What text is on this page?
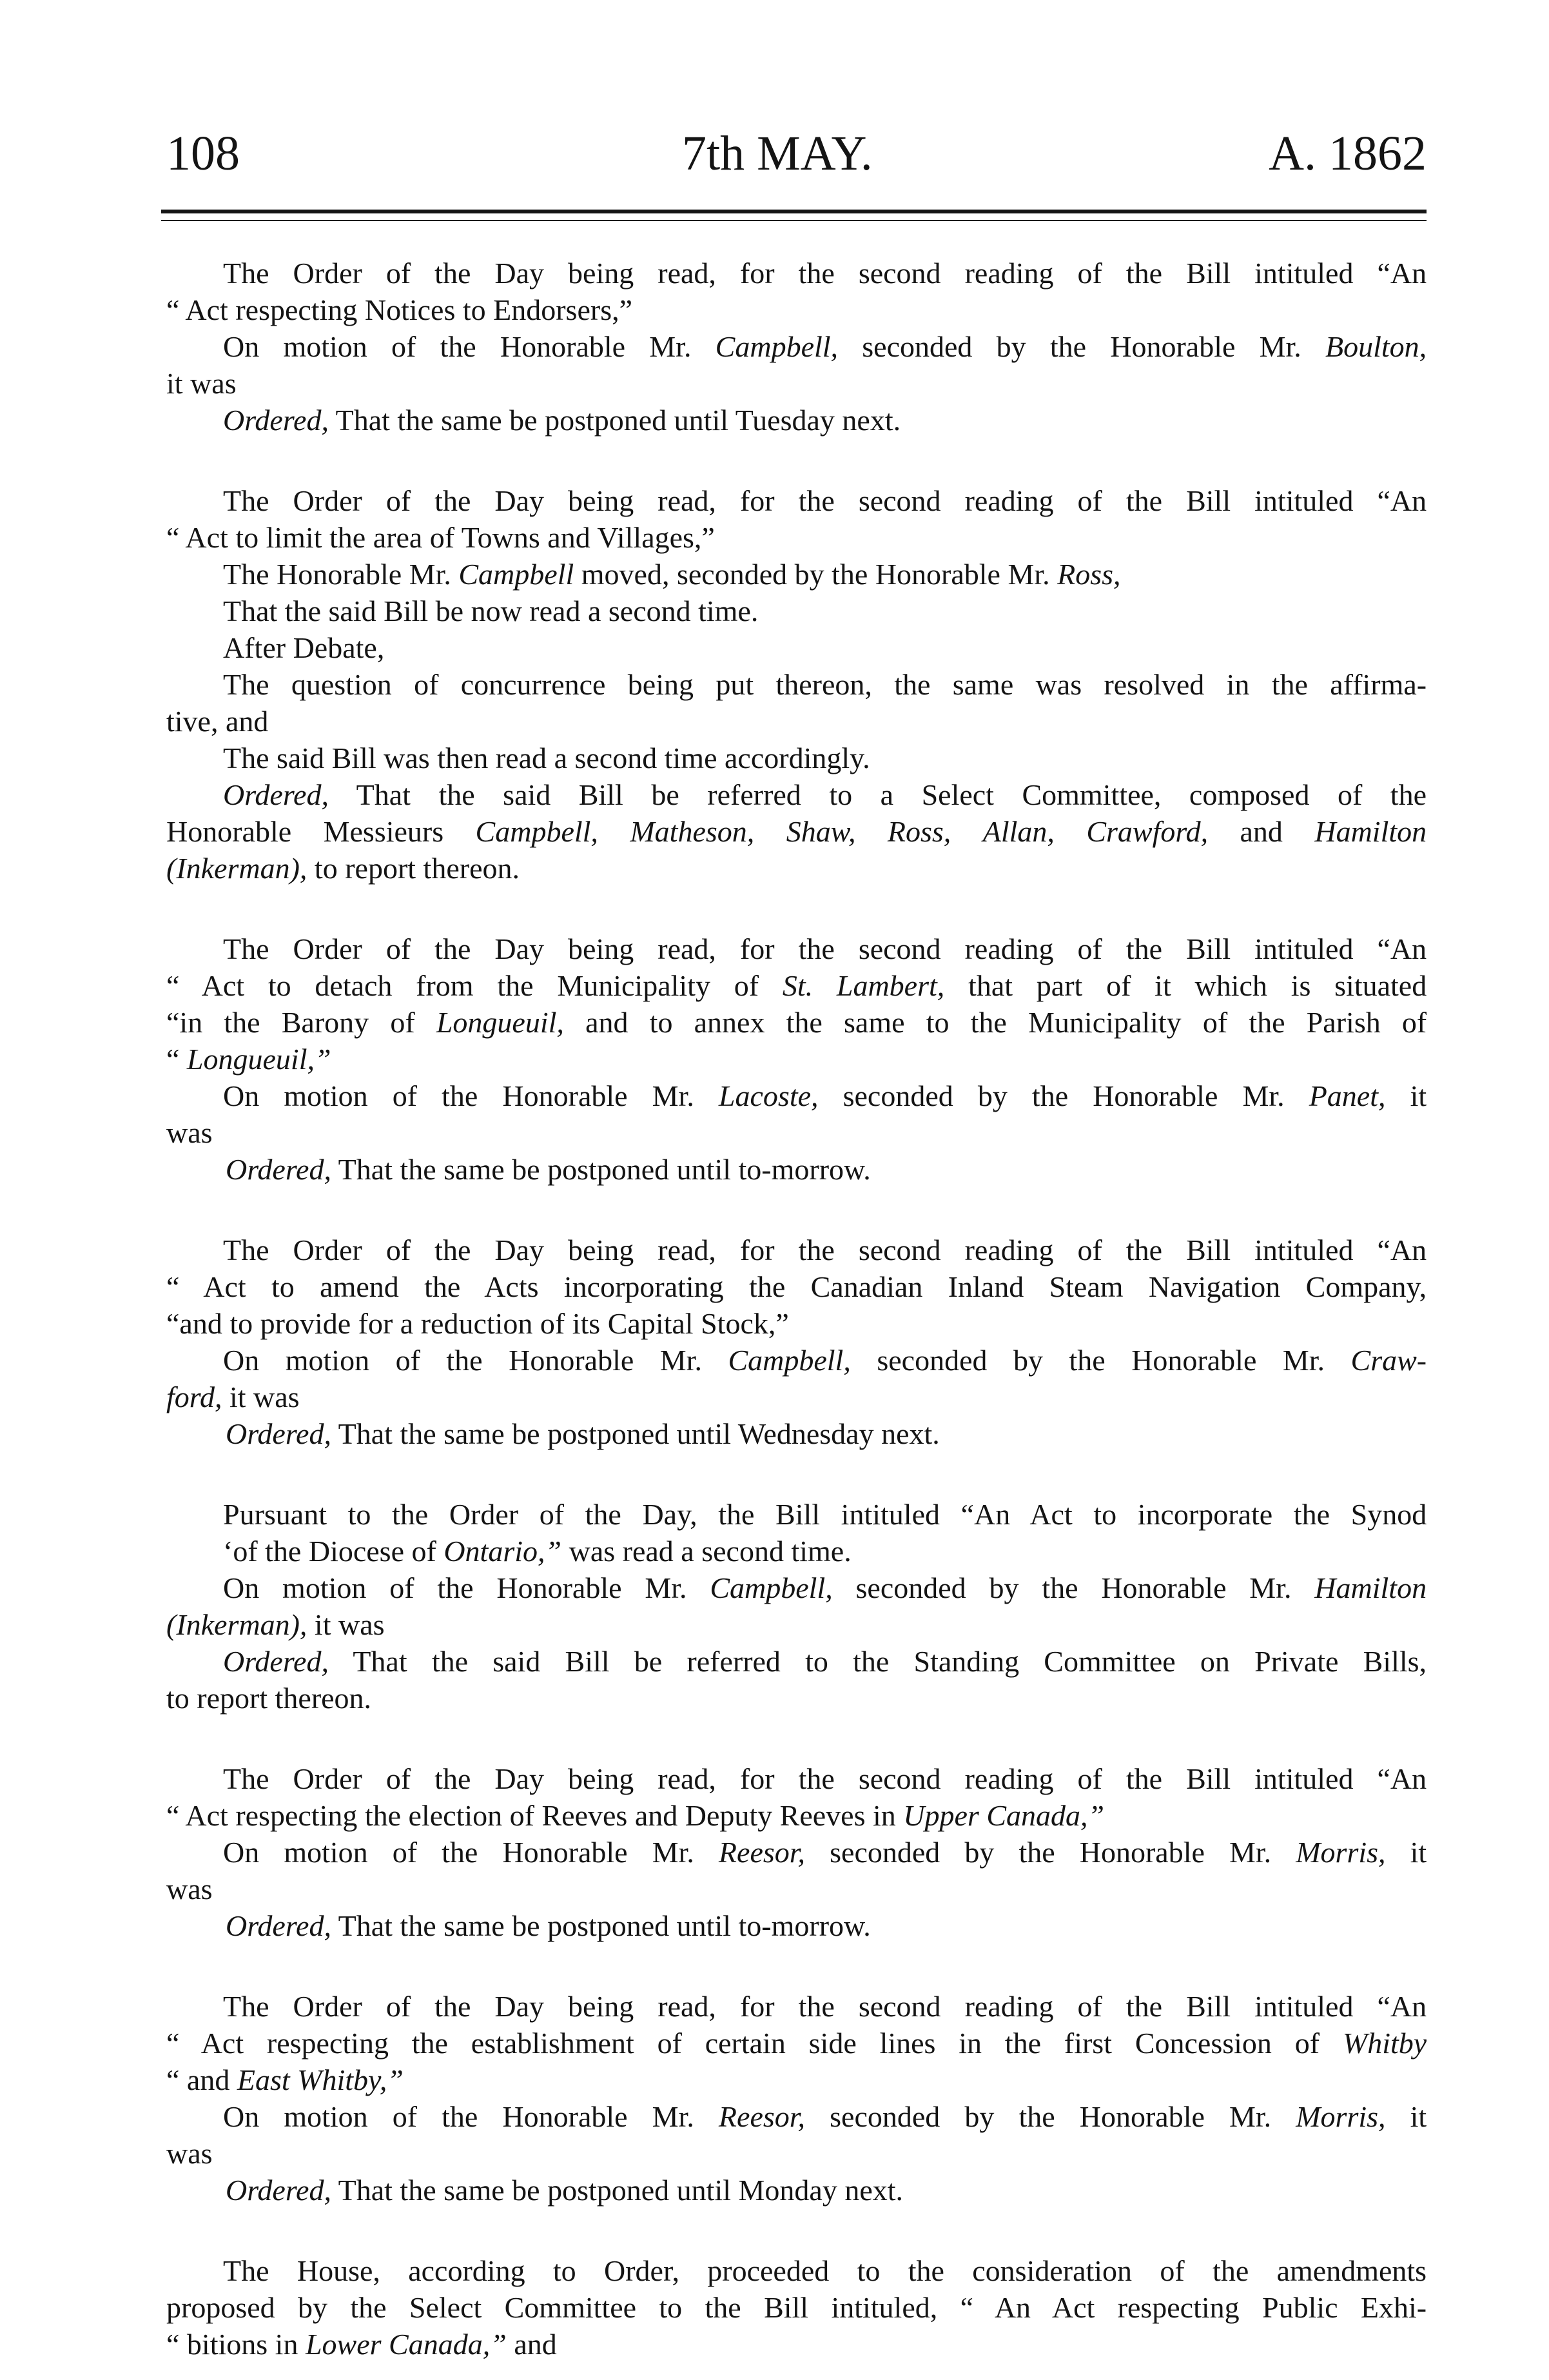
108	7th MAY.	A. 1862
The Order of the Day being read, for the second reading of the Bill intituled “An
“ Act respecting Notices to Endorsers,”
On motion of the Honorable Mr. Campbell, seconded by the Honorable Mr. Boulton,
it was
Ordered, That the same be postponed until Tuesday next.
The Order of the Day being read, for the second reading of the Bill intituled “An
“ Act to limit the area of Towns and Villages,”
The Honorable Mr. Campbell moved, seconded by the Honorable Mr. Ross,
That the said Bill be now read a second time.
After Debate,
The question of concurrence being put thereon, the same was resolved in the affirma-
tive, and
The said Bill was then read a second time accordingly.
Ordered, That the said Bill be referred to a Select Committee, composed of the
Honorable Messieurs Campbell, Matheson, Shaw, Ross, Allan, Crawford, and Hamilton
(Inkerman), to report thereon.
The Order of the Day being read, for the second reading of the Bill intituled “An
“ Act to detach from the Municipality of St. Lambert, that part of it which is situated
“in the Barony of Longueuil, and to annex the same to the Municipality of the Parish of
“ Longueuil,”
On motion of the Honorable Mr. Lacoste, seconded by the Honorable Mr. Panet, it
was
Ordered, That the same be postponed until to-morrow.
The Order of the Day being read, for the second reading of the Bill intituled “An
“ Act to amend the Acts incorporating the Canadian Inland Steam Navigation Company,
“and to provide for a reduction of its Capital Stock,”
On motion of the Honorable Mr. Campbell, seconded by the Honorable Mr. Craw-
ford, it was
Ordered, That the same be postponed until Wednesday next.
Pursuant to the Order of the Day, the Bill intituled “An Act to incorporate the Synod
‘of the Diocese of Ontario,” was read a second time.
On motion of the Honorable Mr. Campbell, seconded by the Honorable Mr. Hamilton
(Inkerman), it was
Ordered, That the said Bill be referred to the Standing Committee on Private Bills,
to report thereon.
The Order of the Day being read, for the second reading of the Bill intituled “An
“ Act respecting the election of Reeves and Deputy Reeves in Upper Canada,”
On motion of the Honorable Mr. Reesor, seconded by the Honorable Mr. Morris, it
was
Ordered, That the same be postponed until to-morrow.
The Order of the Day being read, for the second reading of the Bill intituled “An
“ Act respecting the establishment of certain side lines in the first Concession of Whitby
“ and East Whitby,”
On motion of the Honorable Mr. Reesor, seconded by the Honorable Mr. Morris, it
was
Ordered, That the same be postponed until Monday next.
The House, according to Order, proceeded to the consideration of the amendments
proposed by the Select Committee to the Bill intituled, “ An Act respecting Public Exhi-
“ bitions in Lower Canada,” and
